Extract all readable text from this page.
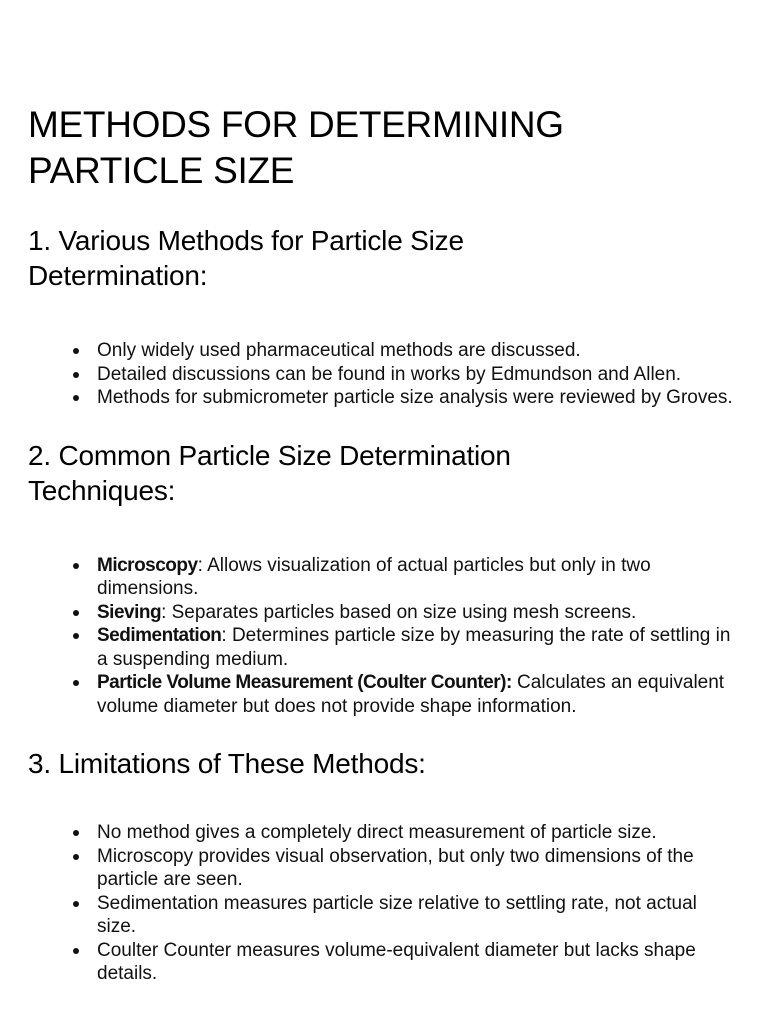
METHODS FOR DETERMINING
PARTICLE SIZE
1. Various Methods for Particle Size
Determination:
Only widely used pharmaceutical methods are discussed.
Detailed discussions can be found in works by Edmundson and Allen.
Methods for submicrometer particle size analysis were reviewed by Groves.
2. Common Particle Size Determination
Techniques:
Microscopy: Allows visualization of actual particles but only in two dimensions.
Sieving: Separates particles based on size using mesh screens.
Sedimentation: Determines particle size by measuring the rate of settling in a suspending medium.
Particle Volume Measurement (Coulter Counter): Calculates an equivalent volume diameter but does not provide shape information.
3. Limitations of These Methods:
No method gives a completely direct measurement of particle size.
Microscopy provides visual observation, but only two dimensions of the particle are seen.
Sedimentation measures particle size relative to settling rate, not actual size.
Coulter Counter measures volume-equivalent diameter but lacks shape details.
